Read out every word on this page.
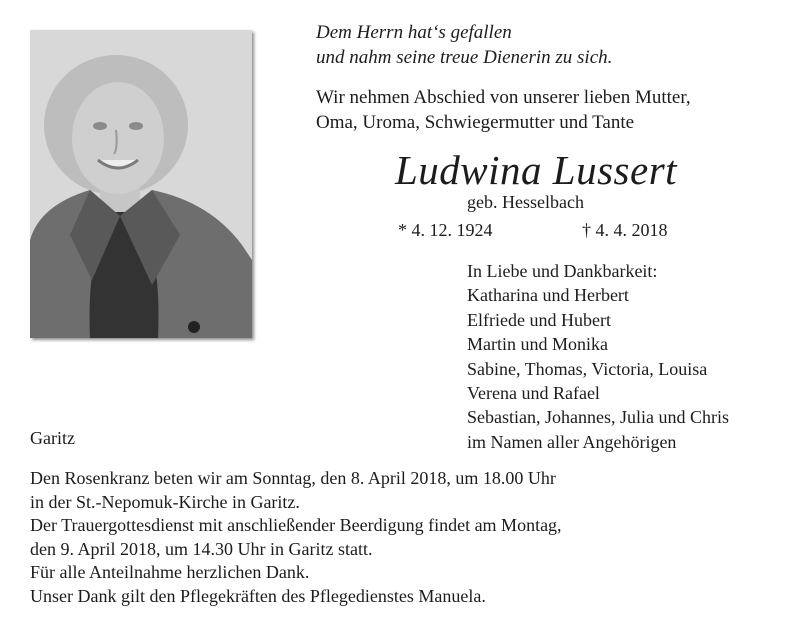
Dem Herrn hat‘s gefallen
und nahm seine treue Dienerin zu sich.
Wir nehmen Abschied von unserer lieben Mutter,
Oma, Uroma, Schwiegermutter und Tante
Ludwina Lussert
geb. Hesselbach
* 4. 12. 1924	† 4. 4. 2018
In Liebe und Dankbarkeit:
Katharina und Herbert
Elfriede und Hubert
Martin und Monika
Sabine, Thomas, Victoria, Louisa
Verena und Rafael
Sebastian, Johannes, Julia und Chris
im Namen aller Angehörigen
Garitz
Den Rosenkranz beten wir am Sonntag, den 8. April 2018, um 18.00 Uhr
in der St.-Nepomuk-Kirche in Garitz.
Der Trauergottesdienst mit anschließender Beerdigung findet am Montag,
den 9. April 2018, um 14.30 Uhr in Garitz statt.
Für alle Anteilnahme herzlichen Dank.
Unser Dank gilt den Pflegekräften des Pflegedienstes Manuela.
